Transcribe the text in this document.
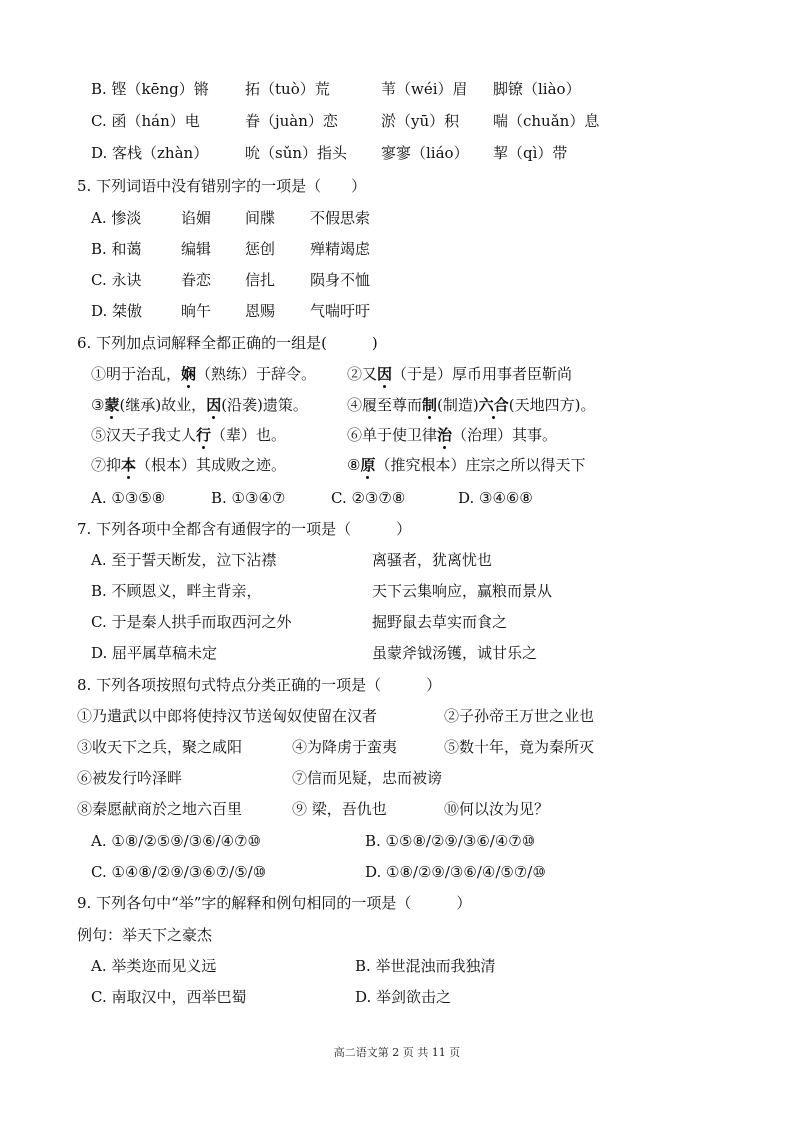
B. 铿（kēng）锵 拓（tuò）荒	苇（wéi）眉 脚镣（liào）
C. 函（hán）电	眷（juàn）恋	淤（yū）积 喘（chuǎn）息
D. 客栈（zhàn） 吮（sǔn）指头 寥寥（liáo） 挈（qì）带
5. 下列词语中没有错别字的一项是（　　）
A. 惨淡	谄媚 间牒 不假思索
B. 和蔼	编辑 惩创 殚精竭虑
C. 永诀	眷恋 信扎 陨身不恤
D. 桀傲	晌午 恩赐 气喘吁吁
6. 下列加点词解释全都正确的一组是(　　　)
①明于治乱，娴（熟练）于辞令。 ②又因（于是）厚币用事者臣靳尚
③蒙(继承)故业，因(沿袭)遗策。	④履至尊而制(制造)六合(天地四方)。
⑤汉天子我丈人行（辈）也。	⑥单于使卫律治（治理）其事。
⑦抑本（根本）其成败之迹。	⑧原（推究根本）庄宗之所以得天下
A. ①③⑤⑧	B. ①③④⑦	C. ②③⑦⑧	D. ③④⑥⑧
7. 下列各项中全都含有通假字的一项是（　　　）
A. 至于誓天断发，泣下沾襟	离骚者，犹离忧也
B. 不顾恩义，畔主背亲，	天下云集响应，赢粮而景从
C. 于是秦人拱手而取西河之外	掘野鼠去草实而食之
D. 屈平属草稿未定	虽蒙斧钺汤镬，诚甘乐之
8. 下列各项按照句式特点分类正确的一项是（　　　）
①乃遣武以中郎将使持汉节送匈奴使留在汉者	②子孙帝王万世之业也
③收天下之兵，聚之咸阳	④为降虏于蛮夷	⑤数十年，竟为秦所灭
⑥被发行吟泽畔	⑦信而见疑，忠而被谤
⑧秦愿献商於之地六百里	⑨ 梁，吾仇也	⑩何以汝为见？
A. ①⑧/②⑤⑨/③⑥/④⑦⑩	B. ①⑤⑧/②⑨/③⑥/④⑦⑩
C. ①④⑧/②⑨/③⑥⑦/⑤/⑩	D. ①⑧/②⑨/③⑥/④/⑤⑦/⑩
9. 下列各句中“举”字的解释和例句相同的一项是（　　　）
例句：举天下之豪杰
A. 举类迩而见义远	B. 举世混浊而我独清
C. 南取汉中，西举巴蜀	D. 举剑欲击之
高二语文第 2 页 共 11 页
